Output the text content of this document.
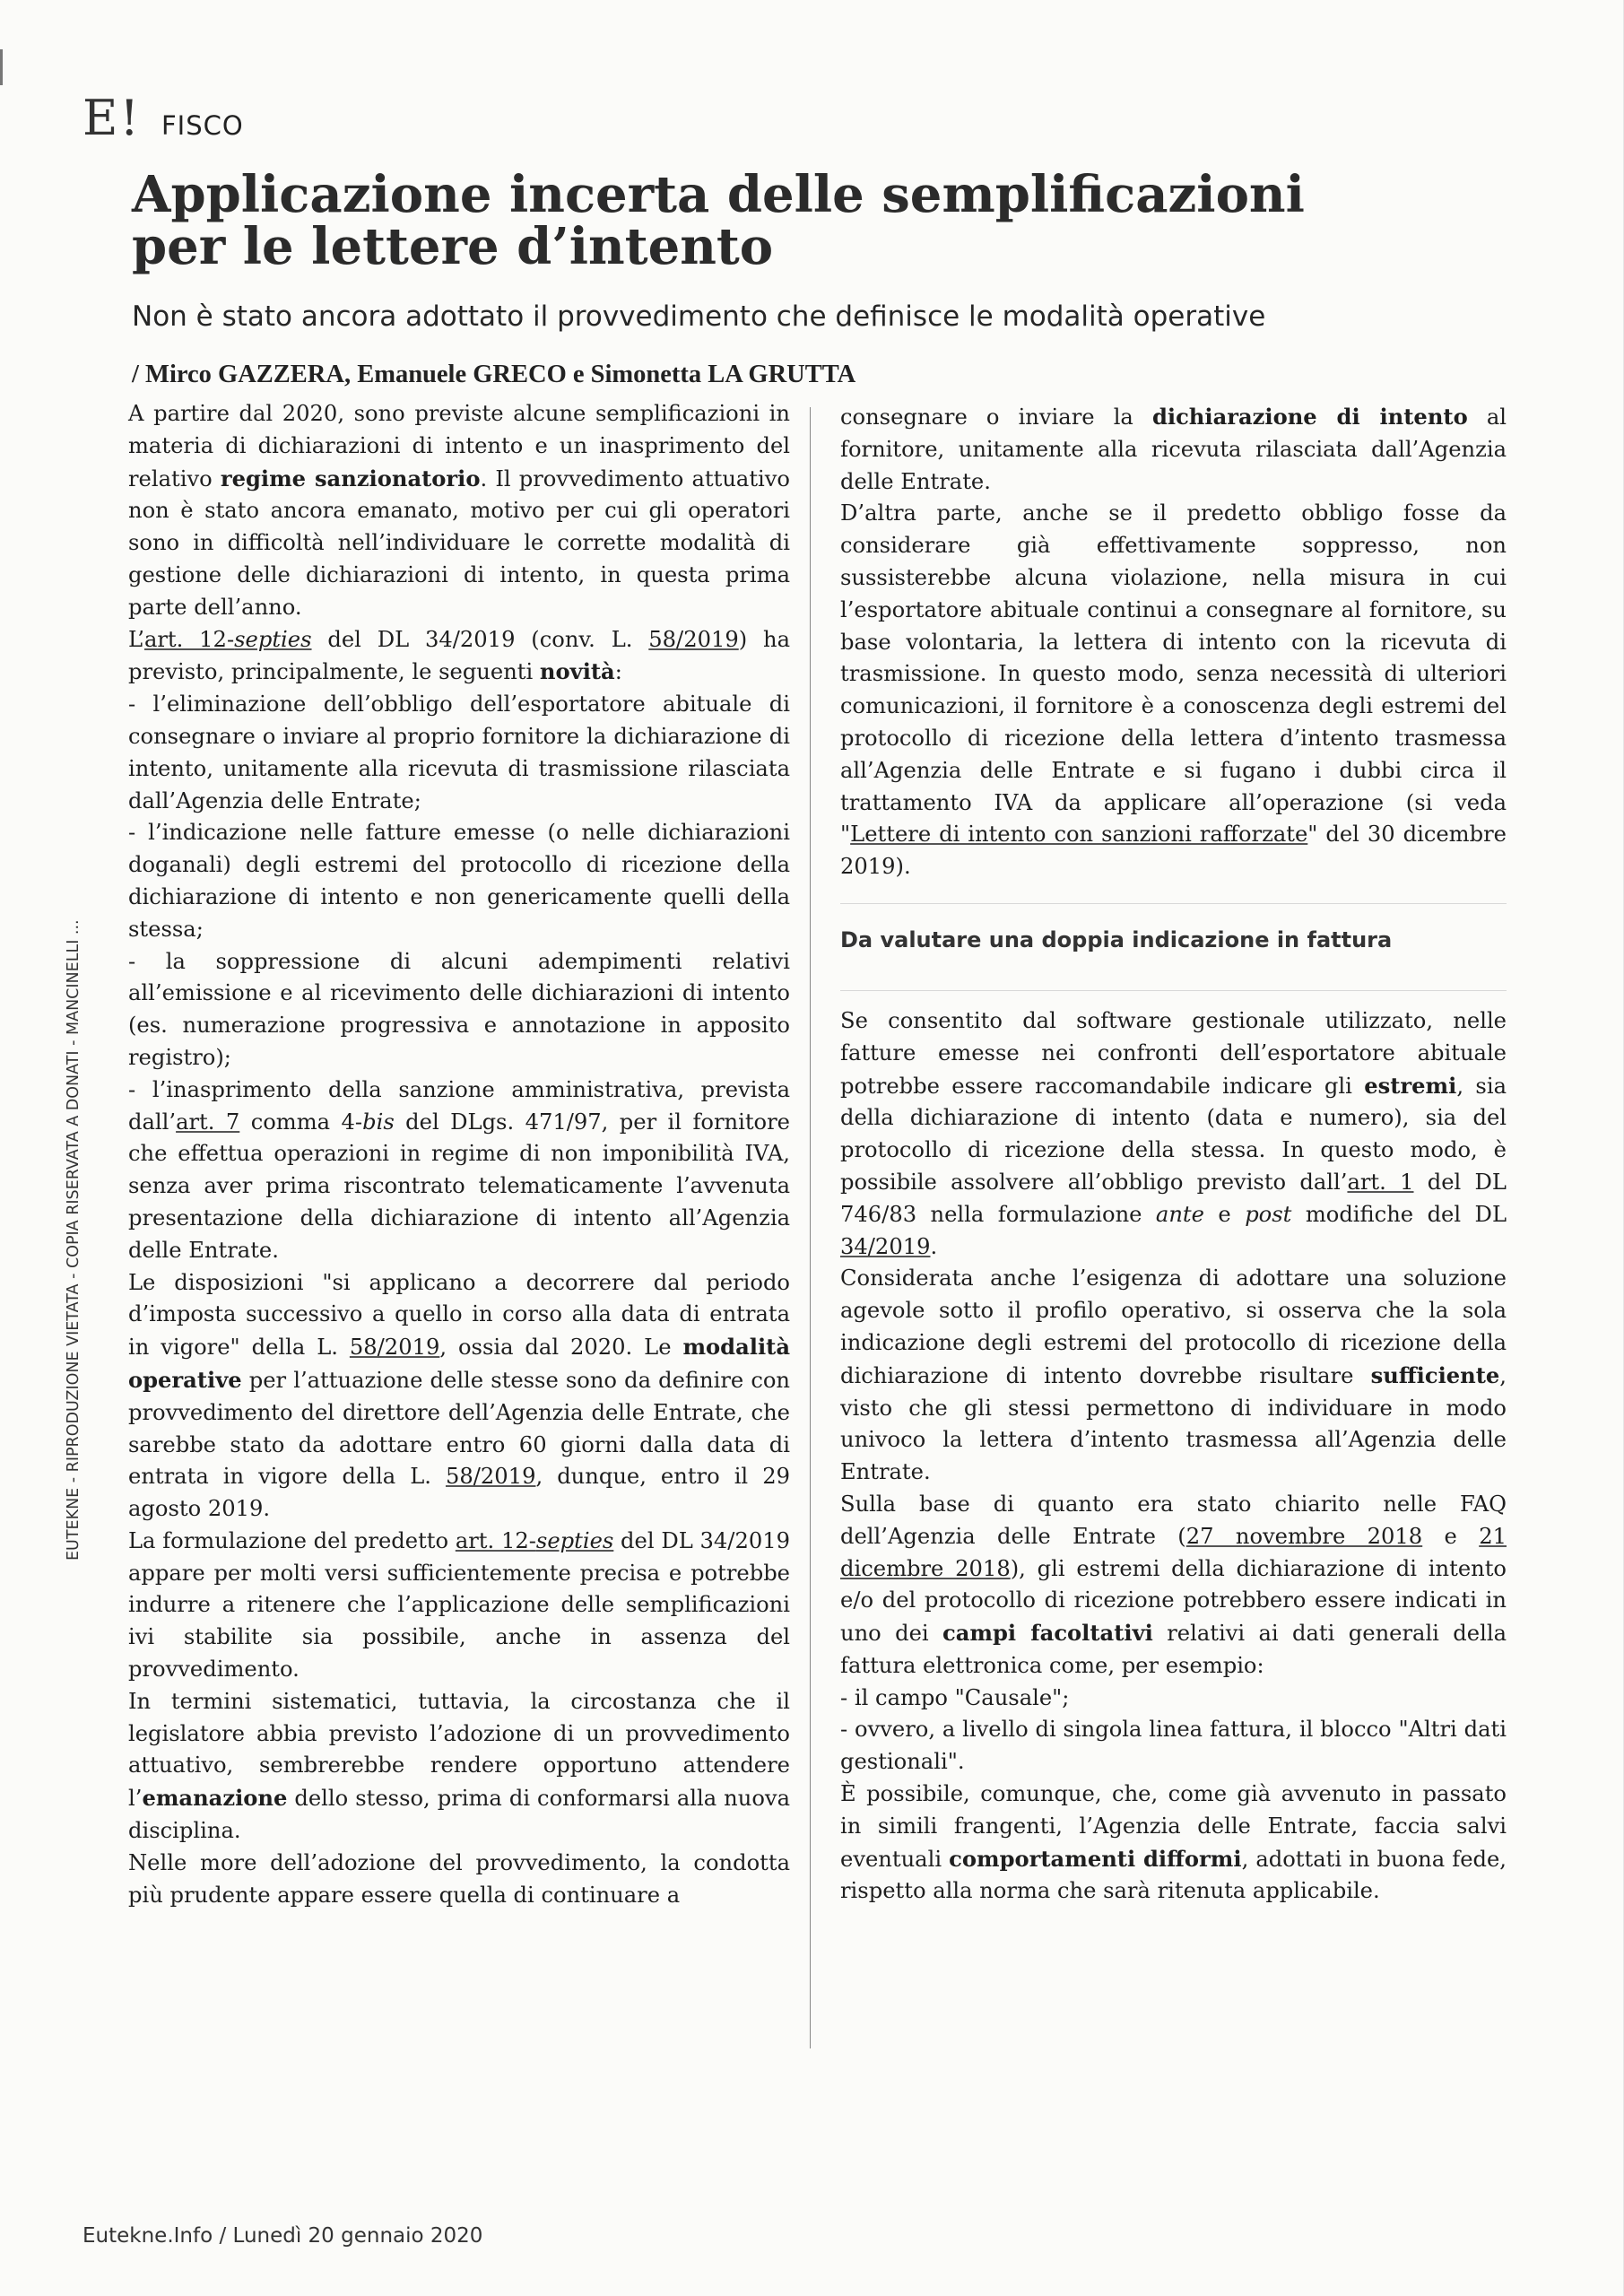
E! FISCO
Applicazione incerta delle semplificazioni per le lettere d’intento
Non è stato ancora adottato il provvedimento che definisce le modalità operative
/ Mirco GAZZERA, Emanuele GRECO e Simonetta LA GRUTTA
EUTEKNE - RIPRODUZIONE VIETATA - COPIA RISERVATA A DONATI - MANCINELLI ...

A partire dal 2020, sono previste alcune semplificazioni in materia di dichiarazioni di intento e un inasprimento del relativo regime sanzionatorio. Il provvedimento attuativo non è stato ancora emanato, motivo per cui gli operatori sono in difficoltà nell’individuare le corrette modalità di gestione delle dichiarazioni di intento, in questa prima parte dell’anno.

L’art. 12-septies del DL 34/2019 (conv. L. 58/2019) ha previsto, principalmente, le seguenti novità:

- l’eliminazione dell’obbligo dell’esportatore abituale di consegnare o inviare al proprio fornitore la dichiarazione di intento, unitamente alla ricevuta di trasmissione rilasciata dall’Agenzia delle Entrate;

- l’indicazione nelle fatture emesse (o nelle dichiarazioni doganali) degli estremi del protocollo di ricezione della dichiarazione di intento e non genericamente quelli della stessa;

- la soppressione di alcuni adempimenti relativi all’emissione e al ricevimento delle dichiarazioni di intento (es. numerazione progressiva e annotazione in apposito registro);

- l’inasprimento della sanzione amministrativa, prevista dall’art. 7 comma 4-bis del DLgs. 471/97, per il fornitore che effettua operazioni in regime di non imponibilità IVA, senza aver prima riscontrato telematicamente l’avvenuta presentazione della dichiarazione di intento all’Agenzia delle Entrate.

Le disposizioni "si applicano a decorrere dal periodo d’imposta successivo a quello in corso alla data di entrata in vigore" della L. 58/2019, ossia dal 2020. Le modalità operative per l’attuazione delle stesse sono da definire con provvedimento del direttore dell’Agenzia delle Entrate, che sarebbe stato da adottare entro 60 giorni dalla data di entrata in vigore della L. 58/2019, dunque, entro il 29 agosto 2019.

La formulazione del predetto art. 12-septies del DL 34/2019 appare per molti versi sufficientemente precisa e potrebbe indurre a ritenere che l’applicazione delle semplificazioni ivi stabilite sia possibile, anche in assenza del provvedimento.

In termini sistematici, tuttavia, la circostanza che il legislatore abbia previsto l’adozione di un provvedimento attuativo, sembrerebbe rendere opportuno attendere l’emanazione dello stesso, prima di conformarsi alla nuova disciplina.

Nelle more dell’adozione del provvedimento, la condotta più prudente appare essere quella di continuare a

consegnare o inviare la dichiarazione di intento al fornitore, unitamente alla ricevuta rilasciata dall’Agenzia delle Entrate.

D’altra parte, anche se il predetto obbligo fosse da considerare già effettivamente soppresso, non sussisterebbe alcuna violazione, nella misura in cui l’esportatore abituale continui a consegnare al fornitore, su base volontaria, la lettera di intento con la ricevuta di trasmissione. In questo modo, senza necessità di ulteriori comunicazioni, il fornitore è a conoscenza degli estremi del protocollo di ricezione della lettera d’intento trasmessa all’Agenzia delle Entrate e si fugano i dubbi circa il trattamento IVA da applicare all’operazione (si veda "Lettere di intento con sanzioni rafforzate" del 30 dicembre 2019).

Da valutare una doppia indicazione in fattura

Se consentito dal software gestionale utilizzato, nelle fatture emesse nei confronti dell’esportatore abituale potrebbe essere raccomandabile indicare gli estremi, sia della dichiarazione di intento (data e numero), sia del protocollo di ricezione della stessa. In questo modo, è possibile assolvere all’obbligo previsto dall’art. 1 del DL 746/83 nella formulazione ante e post modifiche del DL 34/2019.

Considerata anche l’esigenza di adottare una soluzione agevole sotto il profilo operativo, si osserva che la sola indicazione degli estremi del protocollo di ricezione della dichiarazione di intento dovrebbe risultare sufficiente, visto che gli stessi permettono di individuare in modo univoco la lettera d’intento trasmessa all’Agenzia delle Entrate.

Sulla base di quanto era stato chiarito nelle FAQ dell’Agenzia delle Entrate (27 novembre 2018 e 21 dicembre 2018), gli estremi della dichiarazione di intento e/o del protocollo di ricezione potrebbero essere indicati in uno dei campi facoltativi relativi ai dati generali della fattura elettronica come, per esempio:

- il campo "Causale";

- ovvero, a livello di singola linea fattura, il blocco "Altri dati gestionali".

È possibile, comunque, che, come già avvenuto in passato in simili frangenti, l’Agenzia delle Entrate, faccia salvi eventuali comportamenti difformi, adottati in buona fede, rispetto alla norma che sarà ritenuta applicabile.

Eutekne.Info / Lunedì 20 gennaio 2020
